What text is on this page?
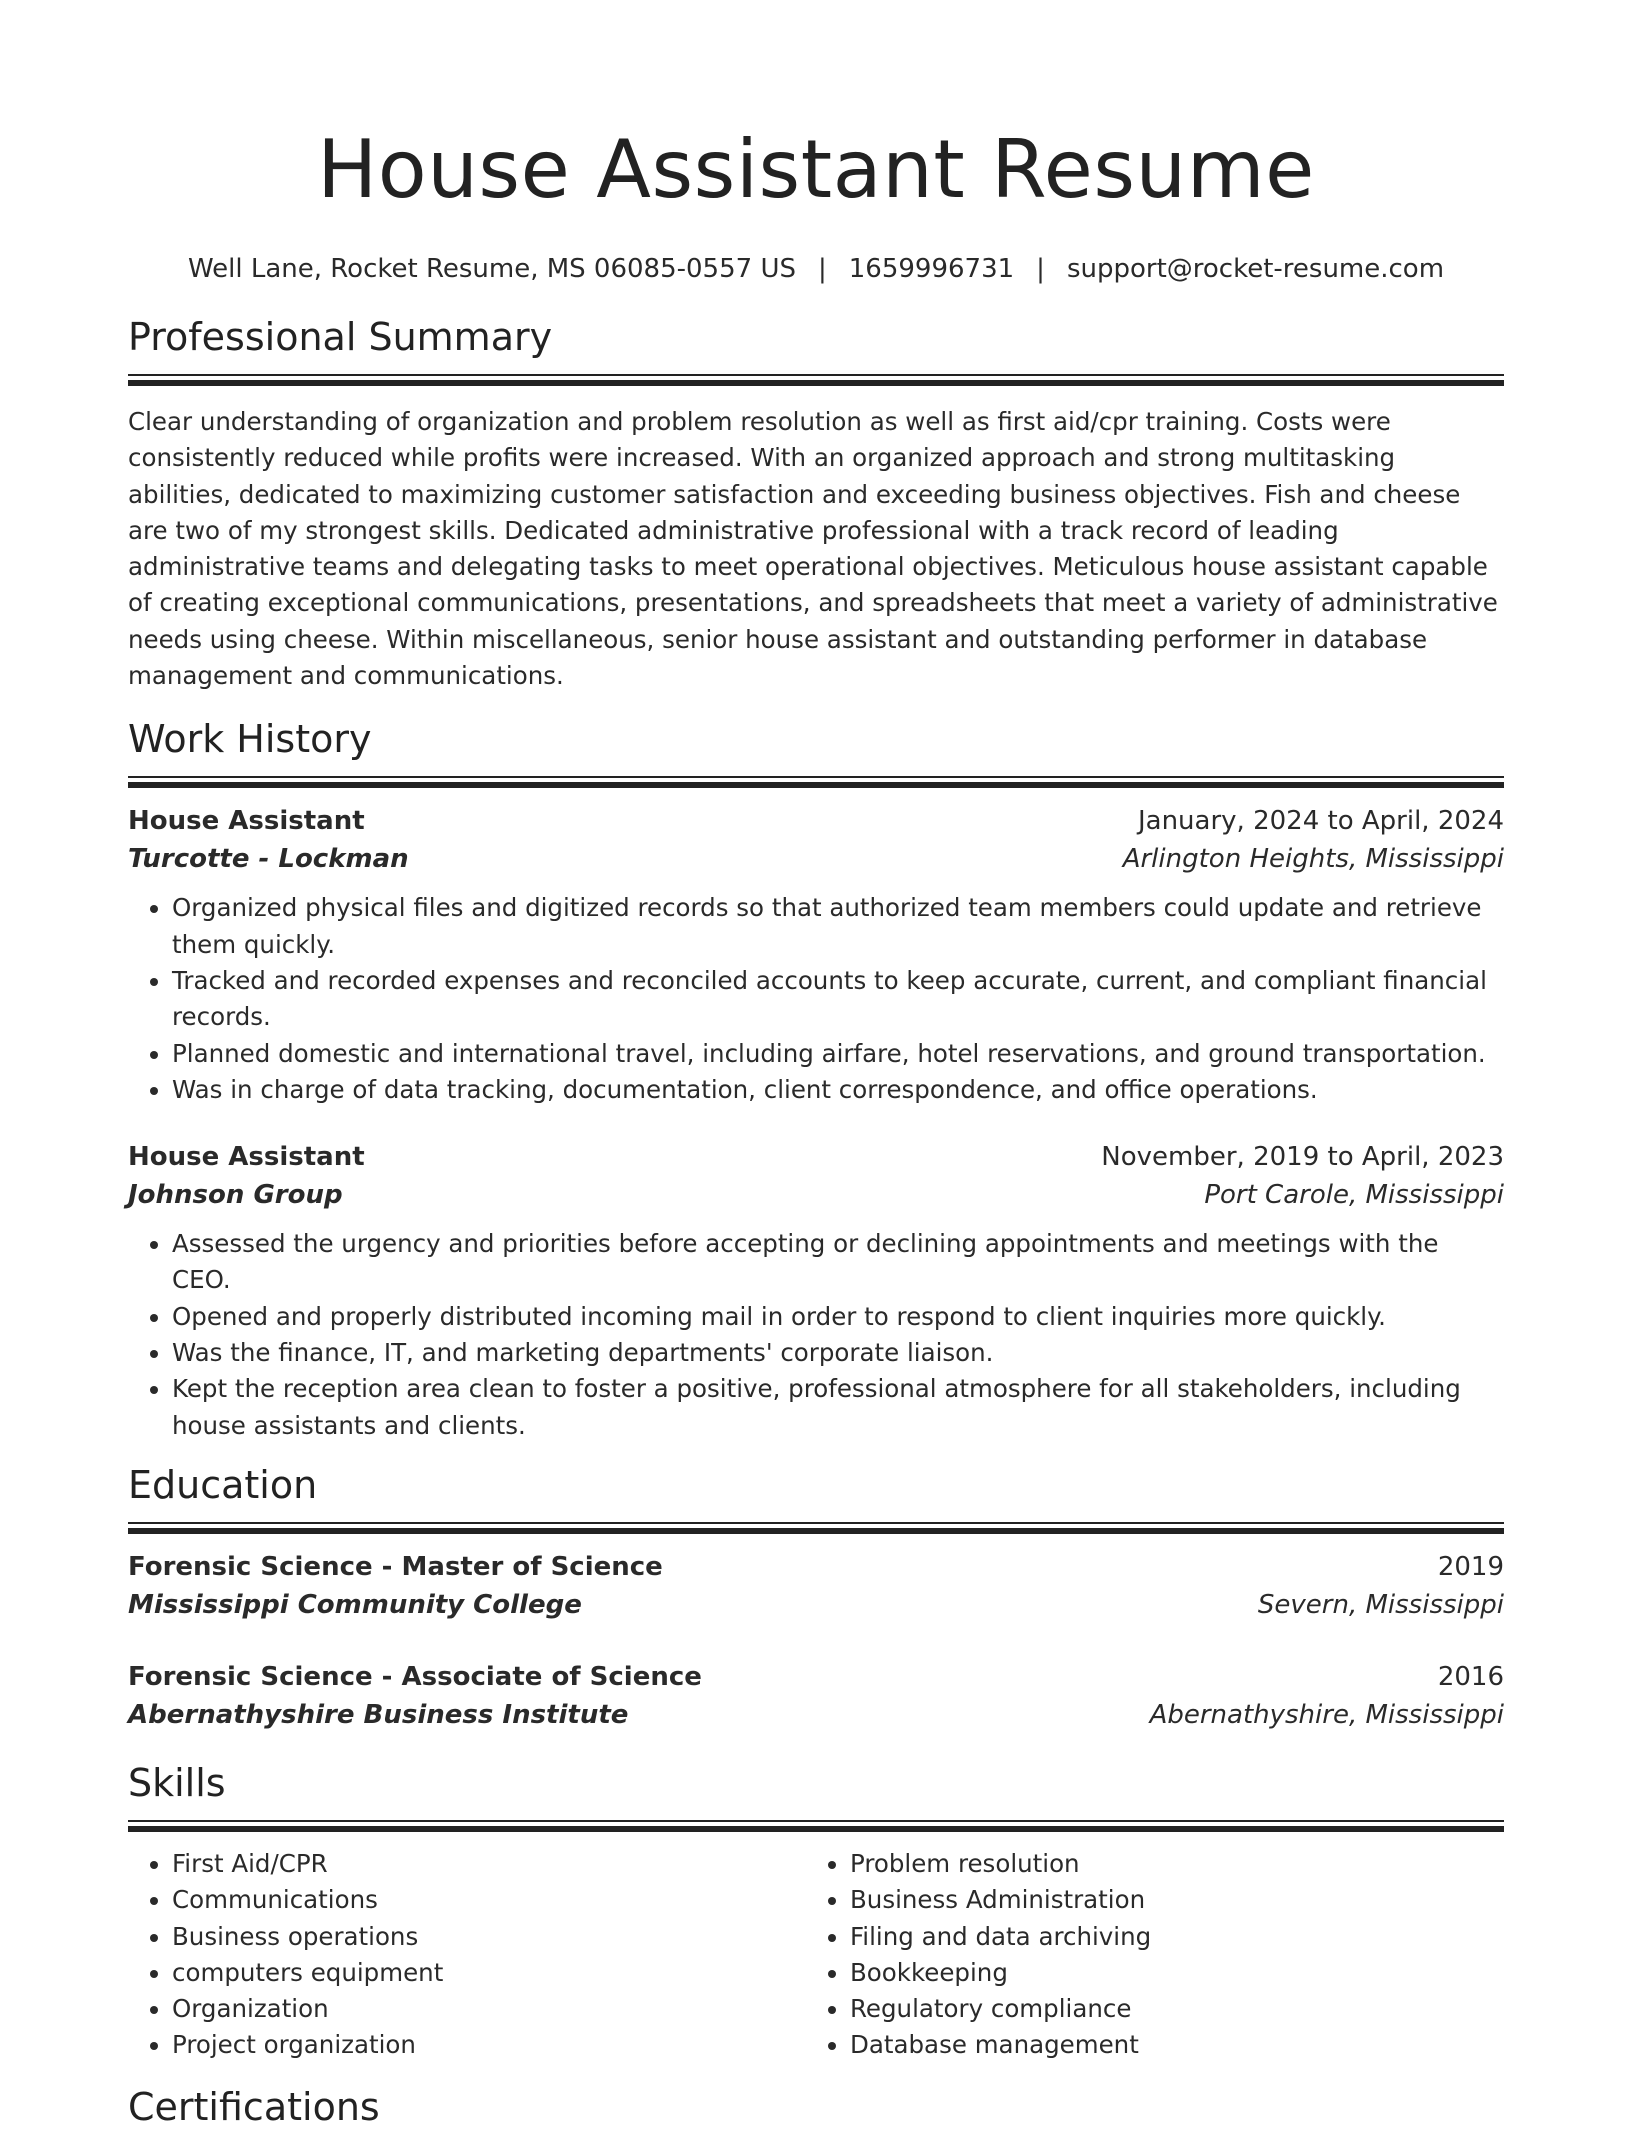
House Assistant Resume
Well Lane, Rocket Resume, MS 06085-0557 US | 1659996731 | support@rocket-resume.com
Professional Summary

Clear understanding of organization and problem resolution as well as first aid/cpr training. Costs were consistently reduced while profits were increased. With an organized approach and strong multitasking abilities, dedicated to maximizing customer satisfaction and exceeding business objectives. Fish and cheese are two of my strongest skills. Dedicated administrative professional with a track record of leading administrative teams and delegating tasks to meet operational objectives. Meticulous house assistant capable of creating exceptional communications, presentations, and spreadsheets that meet a variety of administrative needs using cheese. Within miscellaneous, senior house assistant and outstanding performer in database management and communications.

Work History
House Assistant	January, 2024 to April, 2024
Turcotte - Lockman	Arlington Heights, Mississippi
• Organized physical files and digitized records so that authorized team members could update and retrieve them quickly.
• Tracked and recorded expenses and reconciled accounts to keep accurate, current, and compliant financial records.
• Planned domestic and international travel, including airfare, hotel reservations, and ground transportation.
• Was in charge of data tracking, documentation, client correspondence, and office operations.
House Assistant	November, 2019 to April, 2023
Johnson Group	Port Carole, Mississippi
• Assessed the urgency and priorities before accepting or declining appointments and meetings with the CEO.
• Opened and properly distributed incoming mail in order to respond to client inquiries more quickly.
• Was the finance, IT, and marketing departments' corporate liaison.
• Kept the reception area clean to foster a positive, professional atmosphere for all stakeholders, including house assistants and clients.
Education
Forensic Science - Master of Science	2019
Mississippi Community College	Severn, Mississippi
Forensic Science - Associate of Science	2016
Abernathyshire Business Institute	Abernathyshire, Mississippi
Skills
• First Aid/CPR
• Communications
• Business operations
• computers equipment
• Organization
• Project organization
• Problem resolution
• Business Administration
• Filing and data archiving
• Bookkeeping
• Regulatory compliance
• Database management
Certifications
